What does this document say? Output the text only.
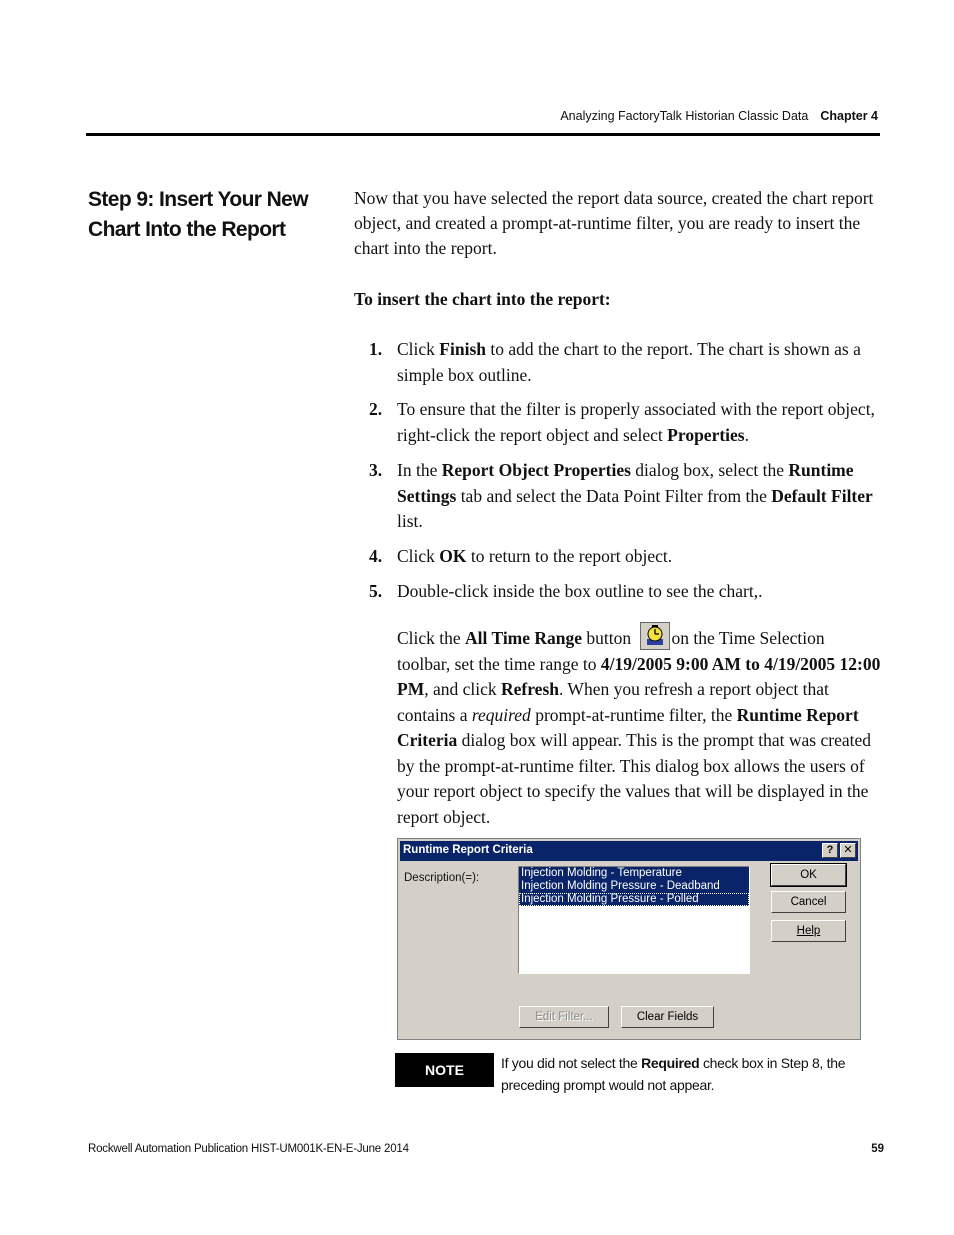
Analyzing FactoryTalk Historian Classic Data Chapter 4
Step 9: Insert Your New Chart Into the Report
Now that you have selected the report data source, created the chart report object, and created a prompt-at-runtime filter, you are ready to insert the chart into the report.
To insert the chart into the report:
1. Click Finish to add the chart to the report. The chart is shown as a simple box outline.
2. To ensure that the filter is properly associated with the report object, right-click the report object and select Properties.
3. In the Report Object Properties dialog box, select the Runtime Settings tab and select the Data Point Filter from the Default Filter list.
4. Click OK to return to the report object.
5. Double-click inside the box outline to see the chart,.
Click the All Time Range button
on the Time Selection toolbar, set the time range to 4/19/2005 9:00 AM to 4/19/2005 12:00 PM, and click Refresh. When you refresh a report object that contains a required prompt-at-runtime filter, the Runtime Report Criteria dialog box will appear. This is the prompt that was created by the prompt-at-runtime filter. This dialog box allows the users of your report object to specify the values that will be displayed in the report object.
Runtime Report Criteria	? ✕
Description(=):	Injection Molding - Temperature
Injection Molding Pressure - Deadband
Injection Molding Pressure - Polled
OK
Cancel
Help
Edit Filter...	Clear Fields
NOTE	If you did not select the Required check box in Step 8, the preceding prompt would not appear.
Rockwell Automation Publication HIST-UM001K-EN-E-June 2014	59
